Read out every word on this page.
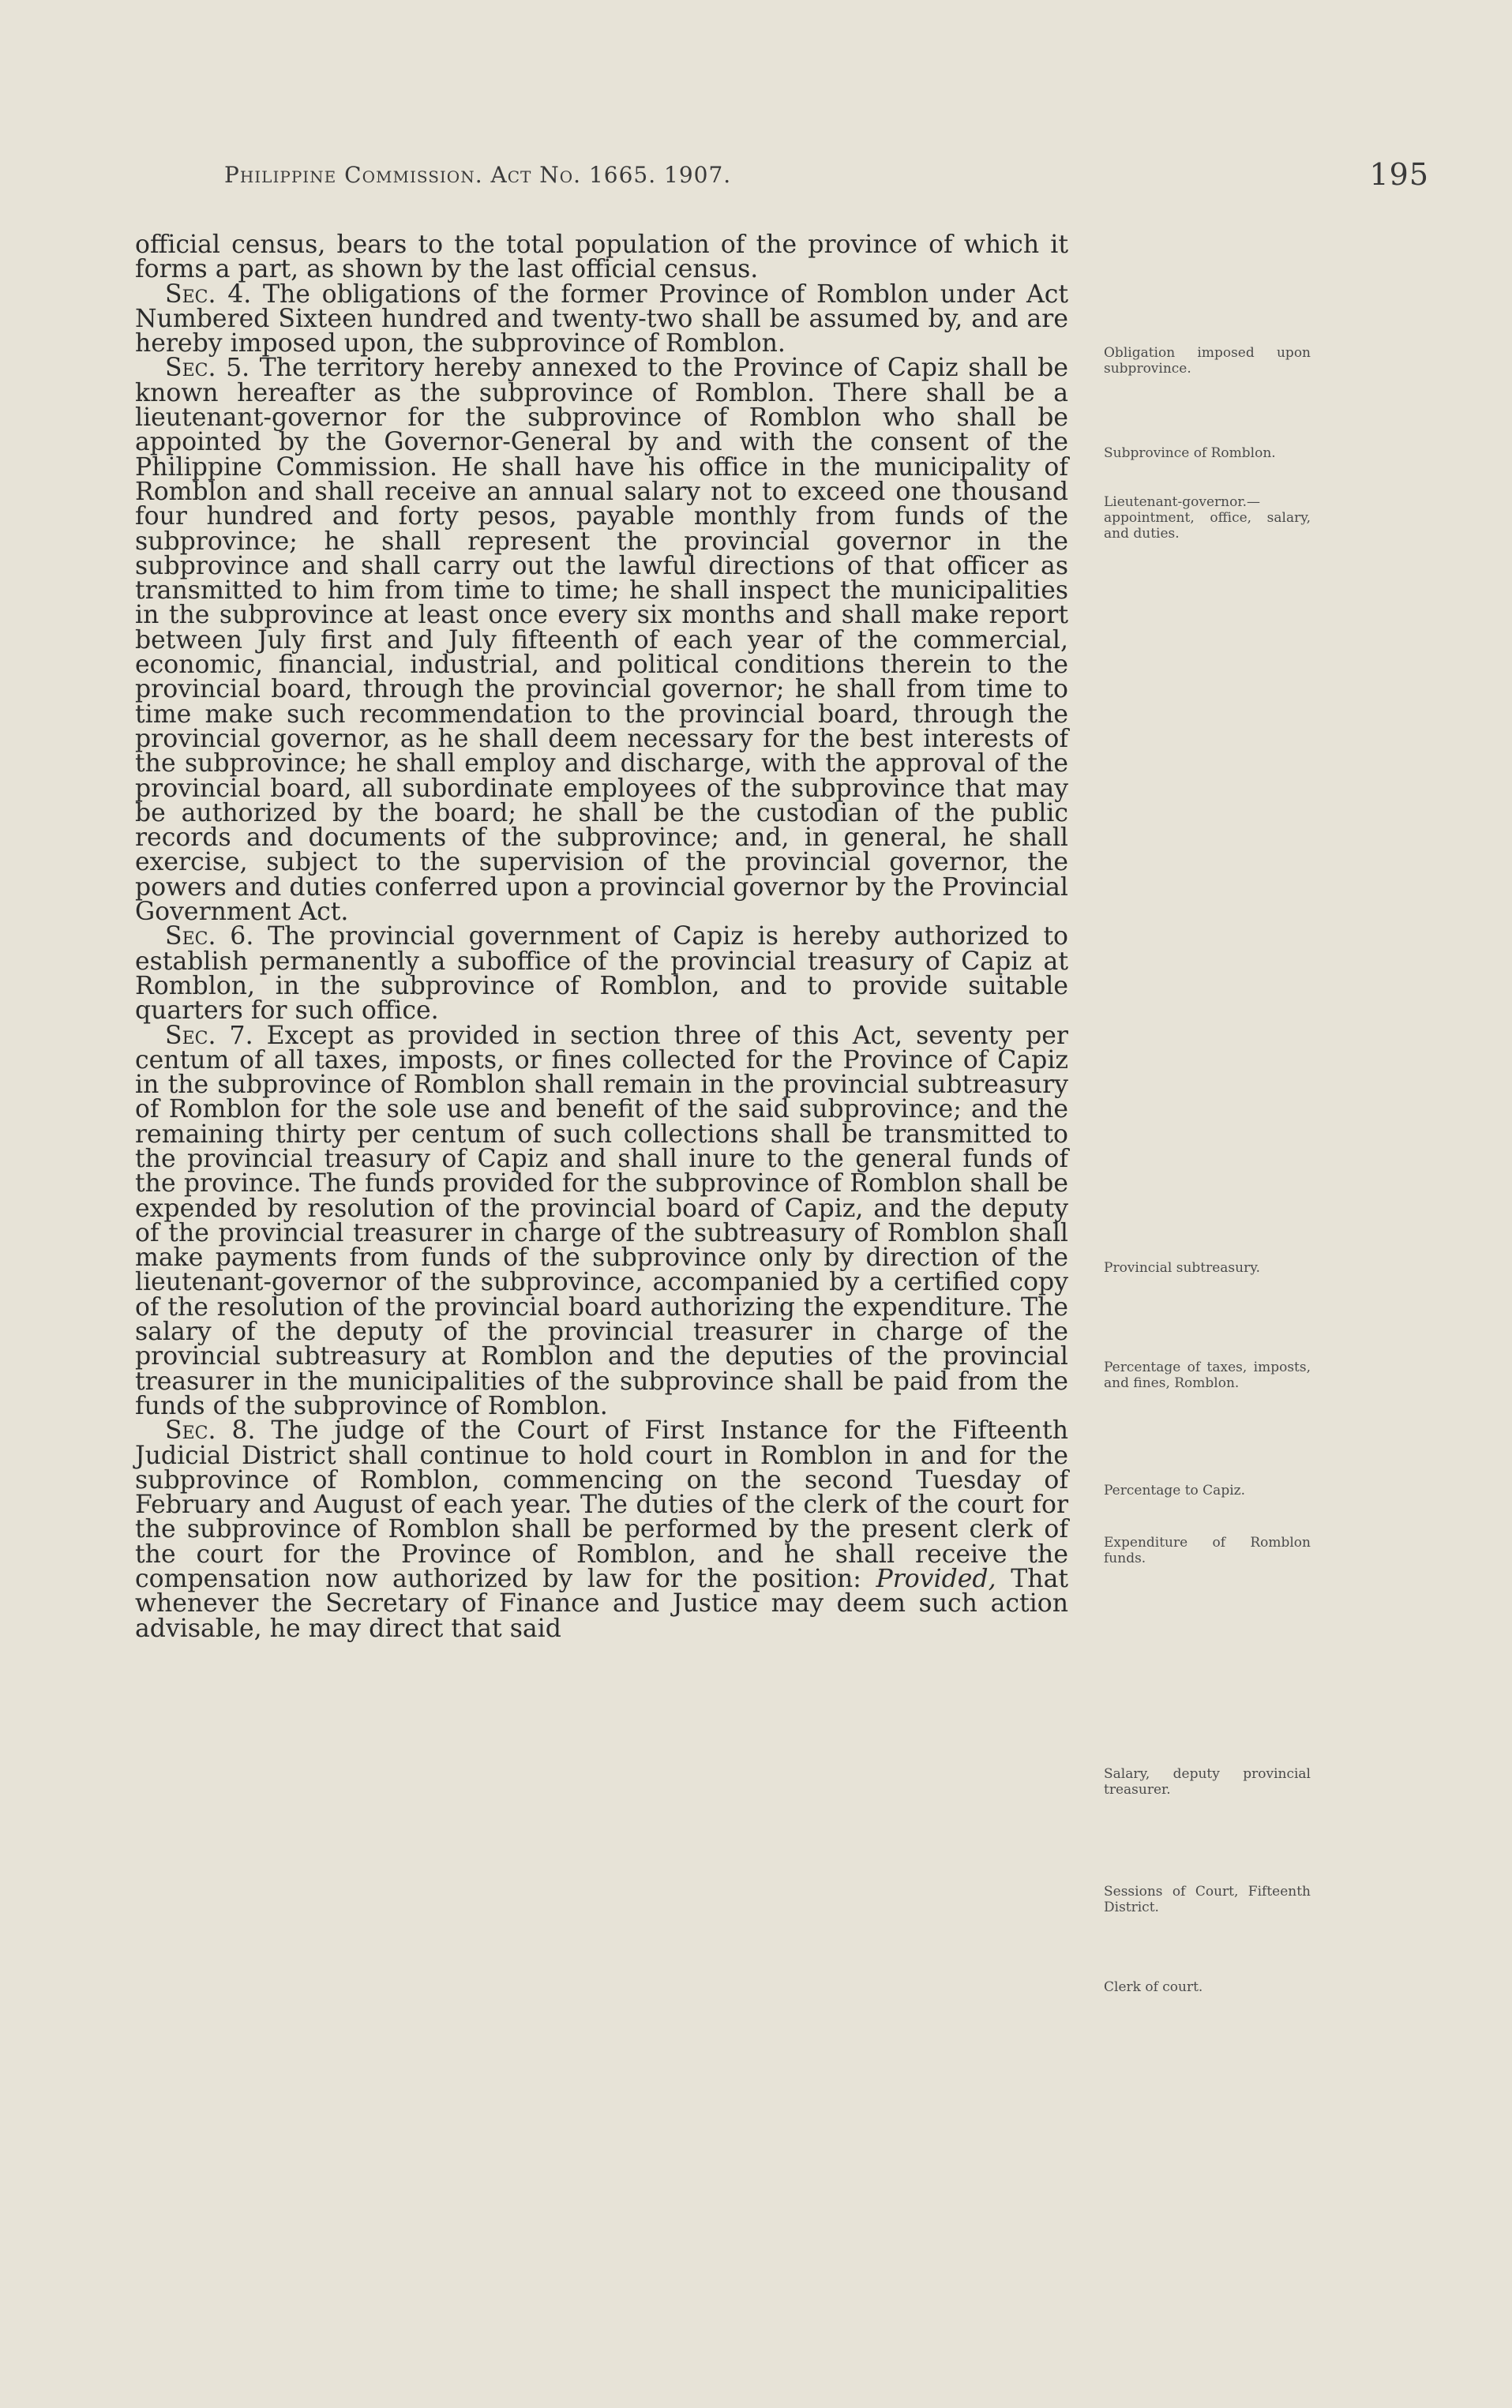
Philippine Commission. Act No. 1665. 1907.	195

official census, bears to the total population of the province of which it forms a part, as shown by the last official census.

Sec. 4. The obligations of the former Province of Romblon under Act Numbered Sixteen hundred and twenty-two shall be assumed by, and are hereby imposed upon, the subprovince of Romblon.

Sec. 5. The territory hereby annexed to the Province of Capiz shall be known hereafter as the subprovince of Romblon. There shall be a lieutenant-governor for the subprovince of Romblon who shall be appointed by the Governor-General by and with the consent of the Philippine Commission. He shall have his office in the municipality of Romblon and shall receive an annual salary not to exceed one thousand four hundred and forty pesos, payable monthly from funds of the subprovince; he shall represent the provincial governor in the subprovince and shall carry out the lawful directions of that officer as transmitted to him from time to time; he shall inspect the municipalities in the subprovince at least once every six months and shall make report between July first and July fifteenth of each year of the commercial, economic, financial, industrial, and political conditions therein to the provincial board, through the provincial governor; he shall from time to time make such recommendation to the provincial board, through the provincial governor, as he shall deem necessary for the best interests of the subprovince; he shall employ and discharge, with the approval of the provincial board, all subordinate employees of the subprovince that may be authorized by the board; he shall be the custodian of the public records and documents of the subprovince; and, in general, he shall exercise, subject to the supervision of the provincial governor, the powers and duties conferred upon a provincial governor by the Provincial Government Act.

Sec. 6. The provincial government of Capiz is hereby authorized to establish permanently a suboffice of the provincial treasury of Capiz at Romblon, in the subprovince of Romblon, and to provide suitable quarters for such office.

Sec. 7. Except as provided in section three of this Act, seventy per centum of all taxes, imposts, or fines collected for the Province of Capiz in the subprovince of Romblon shall remain in the provincial subtreasury of Romblon for the sole use and benefit of the said subprovince; and the remaining thirty per centum of such collections shall be transmitted to the provincial treasury of Capiz and shall inure to the general funds of the province. The funds provided for the subprovince of Romblon shall be expended by resolution of the provincial board of Capiz, and the deputy of the provincial treasurer in charge of the subtreasury of Romblon shall make payments from funds of the subprovince only by direction of the lieutenant-governor of the subprovince, accompanied by a certified copy of the resolution of the provincial board authorizing the expenditure. The salary of the deputy of the provincial treasurer in charge of the provincial subtreasury at Romblon and the deputies of the provincial treasurer in the municipalities of the subprovince shall be paid from the funds of the subprovince of Romblon.

Sec. 8. The judge of the Court of First Instance for the Fifteenth Judicial District shall continue to hold court in Romblon in and for the subprovince of Romblon, commencing on the second Tuesday of February and August of each year. The duties of the clerk of the court for the subprovince of Romblon shall be performed by the present clerk of the court for the Province of Romblon, and he shall receive the compensation now authorized by law for the position: Provided, That whenever the Secretary of Finance and Justice may deem such action advisable, he may direct that said

Obligation imposed upon subprovince.
Subprovince of Romblon.
Lieutenant-governor.—appointment, office, salary, and duties.
Provincial subtreasury.
Percentage of taxes, imposts, and fines, Romblon.
Percentage to Capiz.
Expenditure of Romblon funds.
Salary, deputy provincial treasurer.
Sessions of Court, Fifteenth District.
Clerk of court.
